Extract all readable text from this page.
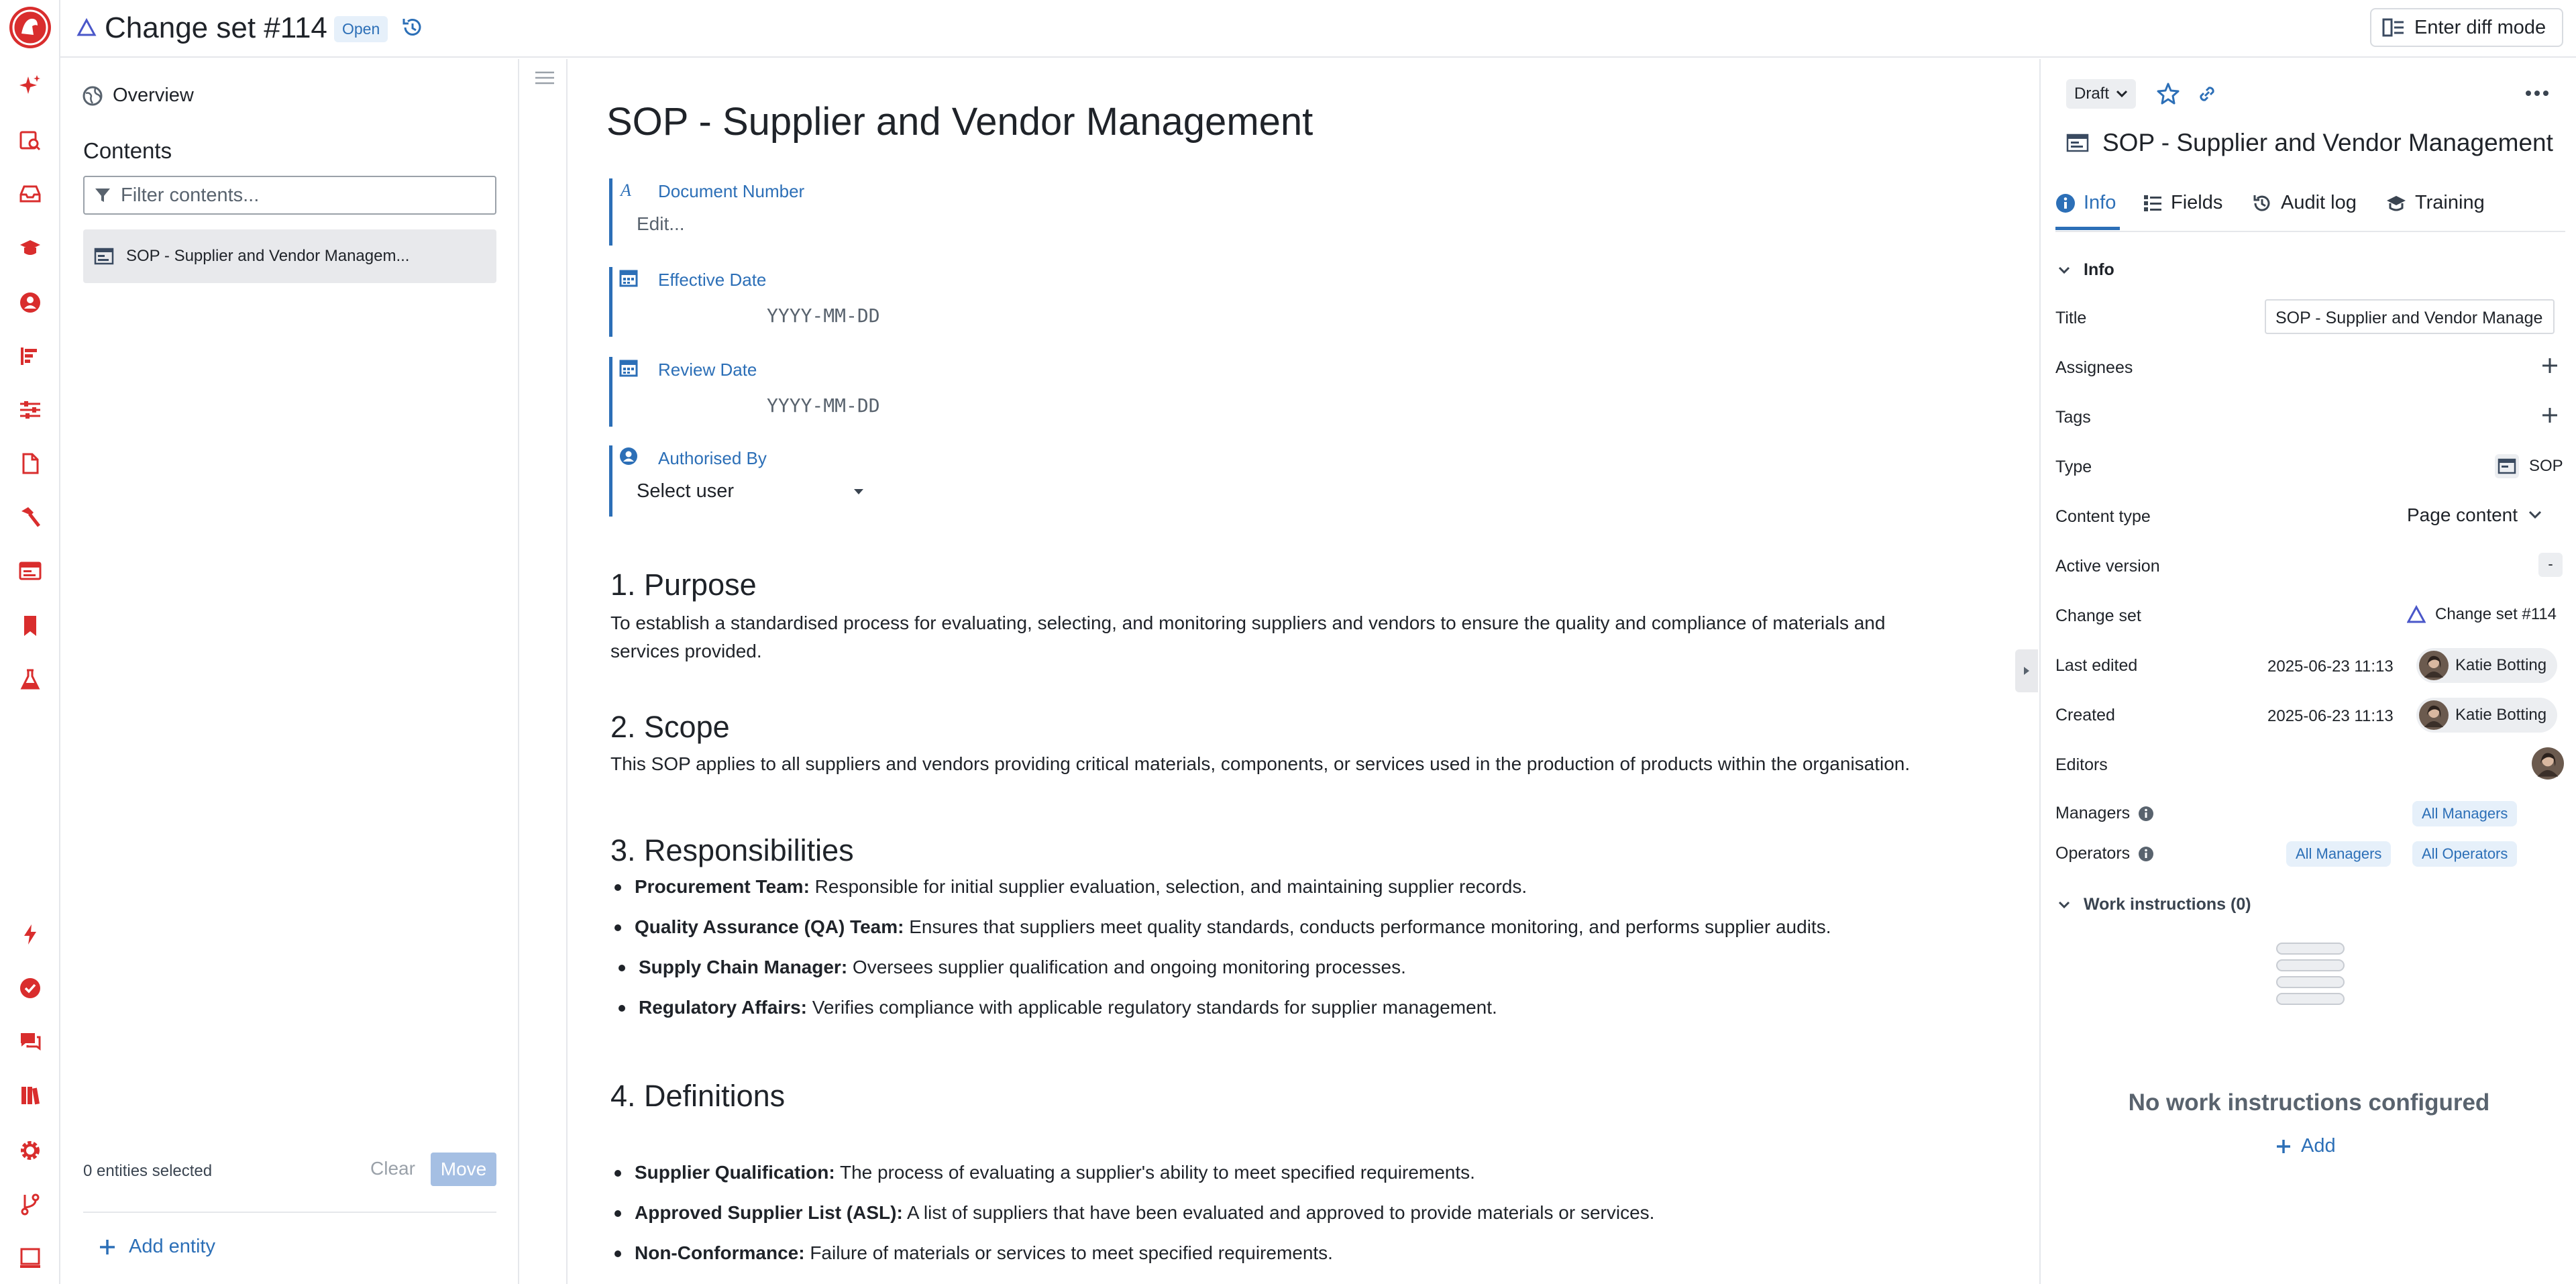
Change set #114 Open	Enter diff mode
Overview
Contents
Filter contents...
SOP - Supplier and Vendor Managem...
0 entities selected	Clear	Move
Add entity
SOP - Supplier and Vendor Management
A Document Number
Edit...
Effective Date
YYYY-MM-DD
Review Date
YYYY-MM-DD
Authorised By
Select user
1. Purpose
To establish a standardised process for evaluating, selecting, and monitoring suppliers and vendors to ensure the quality and compliance of materials and
services provided.
2. Scope
This SOP applies to all suppliers and vendors providing critical materials, components, or services used in the production of products within the organisation.
3. Responsibilities
Procurement Team: Responsible for initial supplier evaluation, selection, and maintaining supplier records.
Quality Assurance (QA) Team: Ensures that suppliers meet quality standards, conducts performance monitoring, and performs supplier audits.
Supply Chain Manager: Oversees supplier qualification and ongoing monitoring processes.
Regulatory Affairs: Verifies compliance with applicable regulatory standards for supplier management.
4. Definitions
Supplier Qualification: The process of evaluating a supplier's ability to meet specified requirements.
Approved Supplier List (ASL): A list of suppliers that have been evaluated and approved to provide materials or services.
Non-Conformance: Failure of materials or services to meet specified requirements.
Draft
SOP - Supplier and Vendor Management
Info	Fields	Audit log	Training
Info
Title	SOP - Supplier and Vendor Manage
Assignees
Tags
Type	SOP
Content type	Page content
Active version	-
Change set	Change set #114
Last edited	2025-06-23 11:13	Katie Botting
Created	2025-06-23 11:13	Katie Botting
Editors
Managers	All Managers
Operators	All Managers	All Operators
Work instructions (0)
No work instructions configured
Add
